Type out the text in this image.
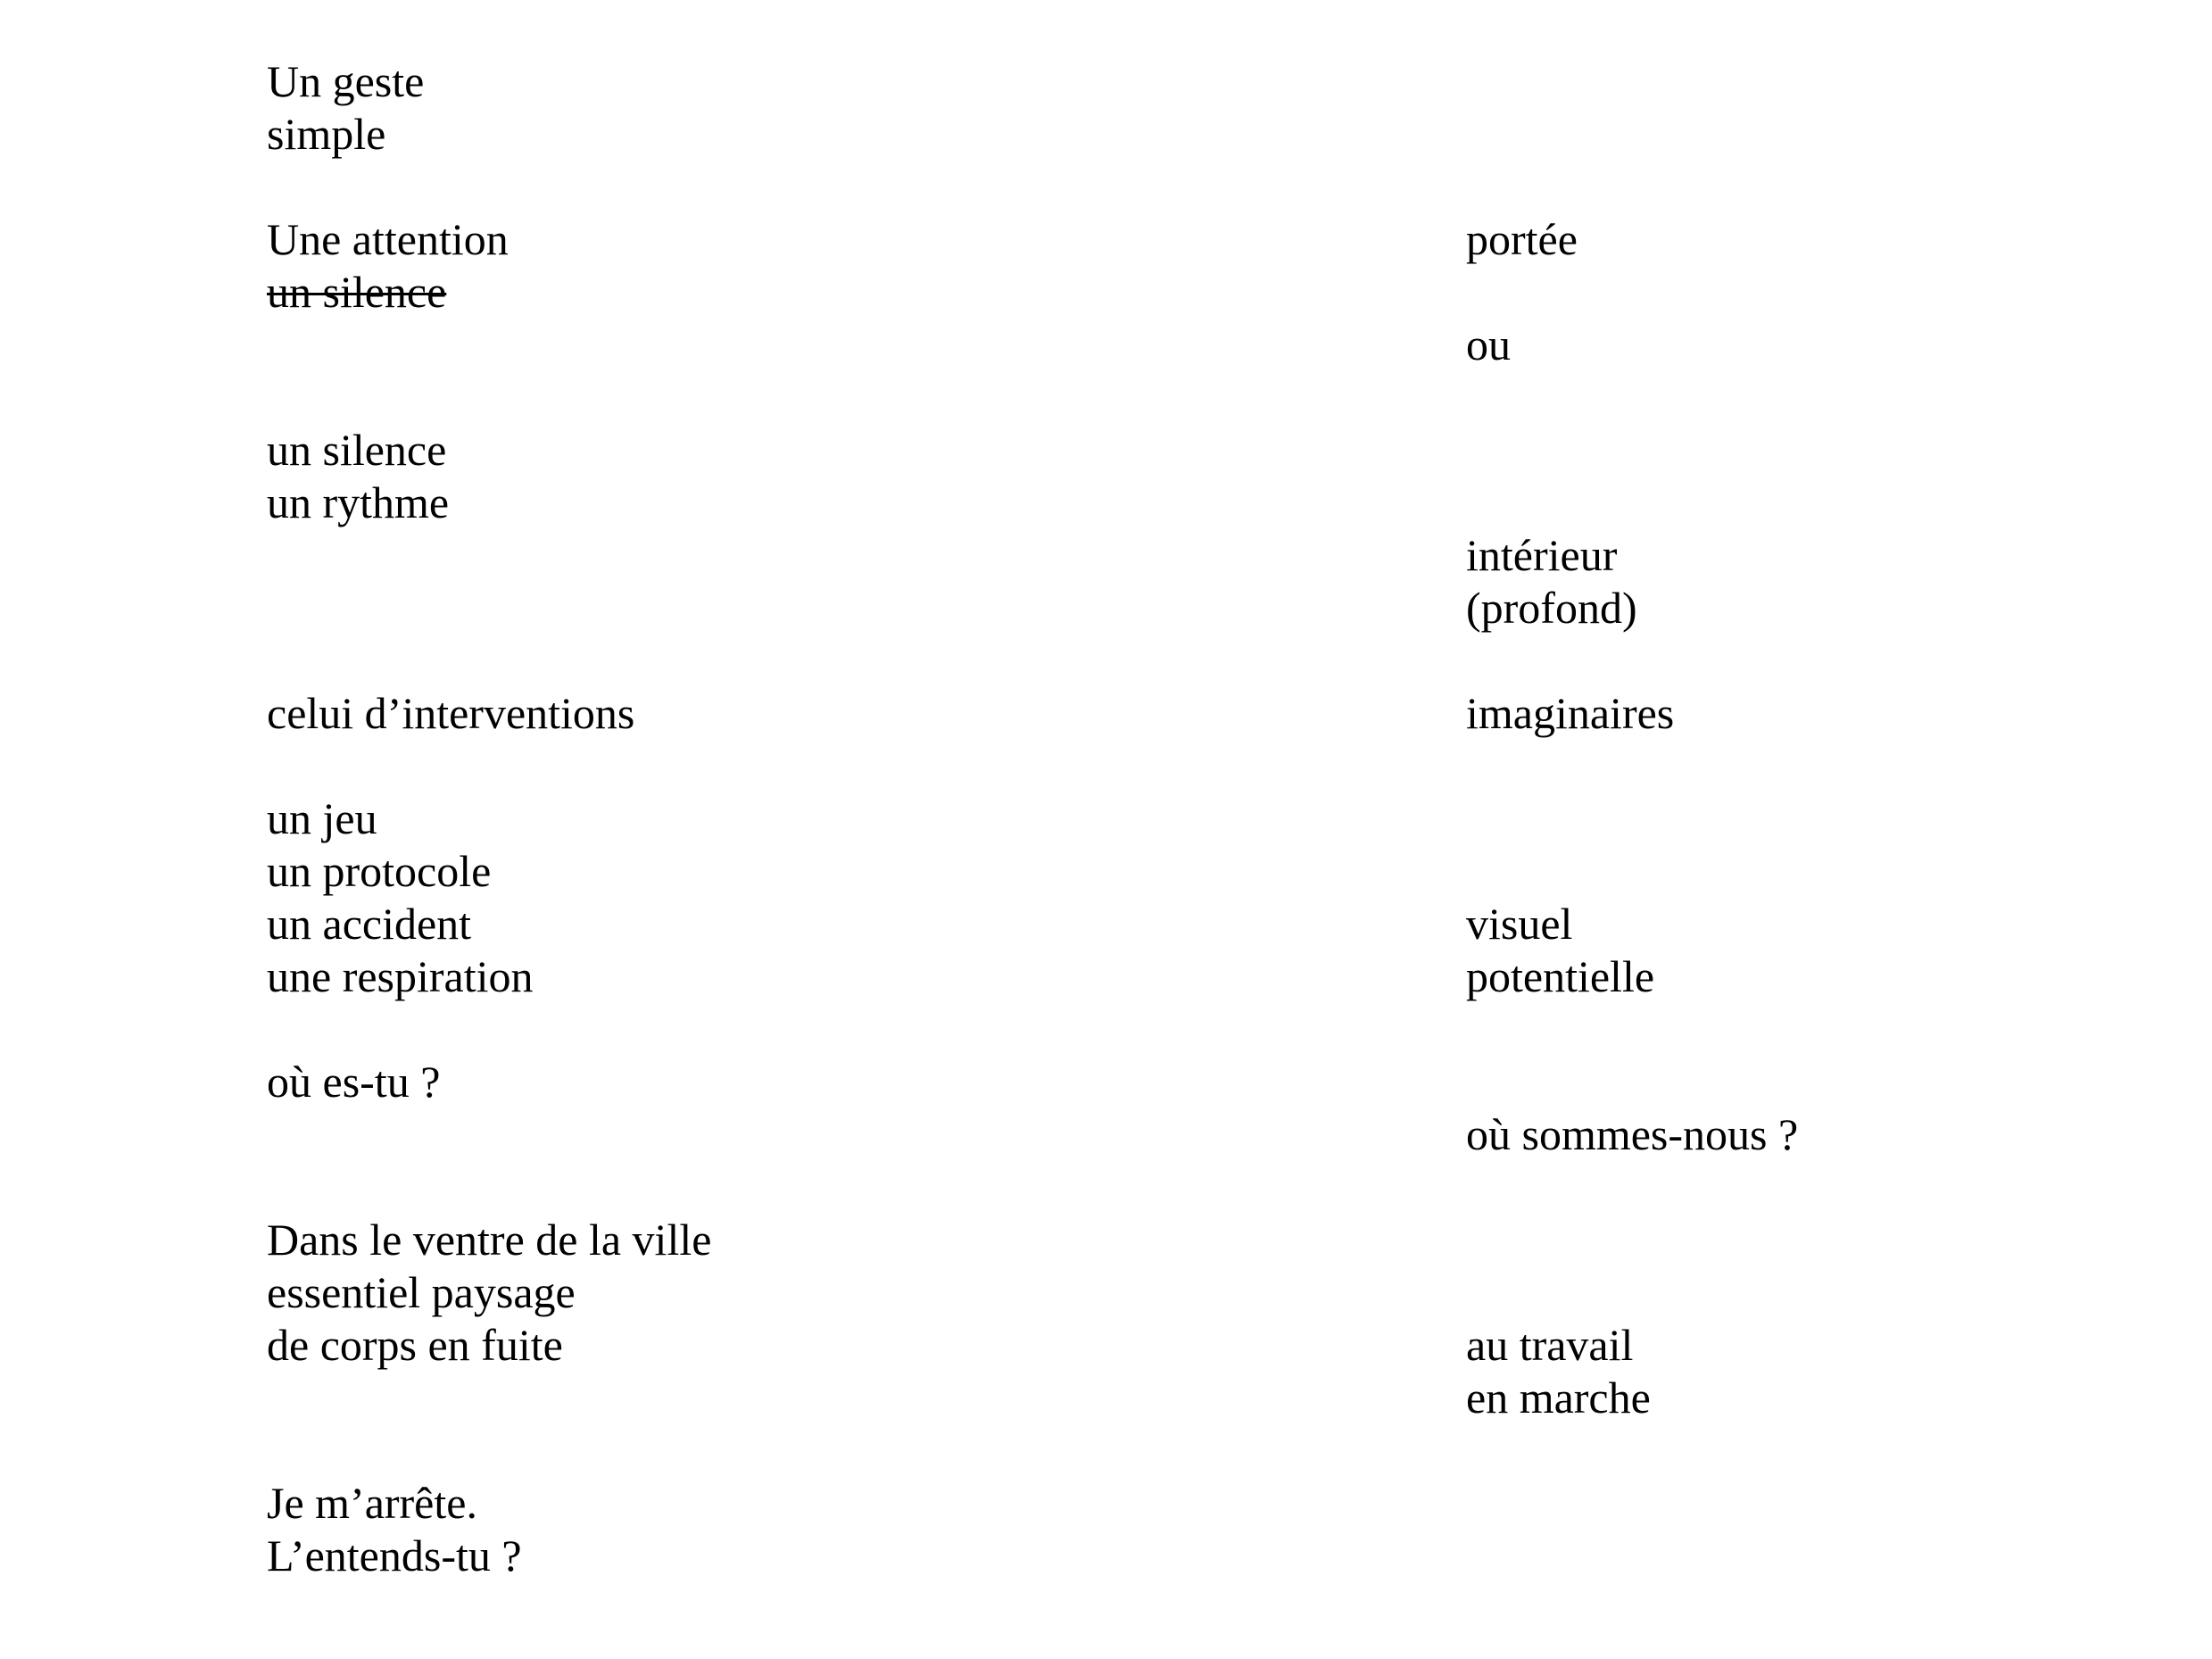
Un geste

simple

Une attention

un silence

un silence

un rythme

celui d’interventions

un jeu

un protocole

un accident

une respiration

où es-tu ?

Dans le ventre de la ville

essentiel paysage

de corps en fuite

Je m’arrête.

L’entends-tu ?

portée

ou

intérieur

(profond)

imaginaires

visuel

potentielle

où sommes-nous ?

au travail

en marche
